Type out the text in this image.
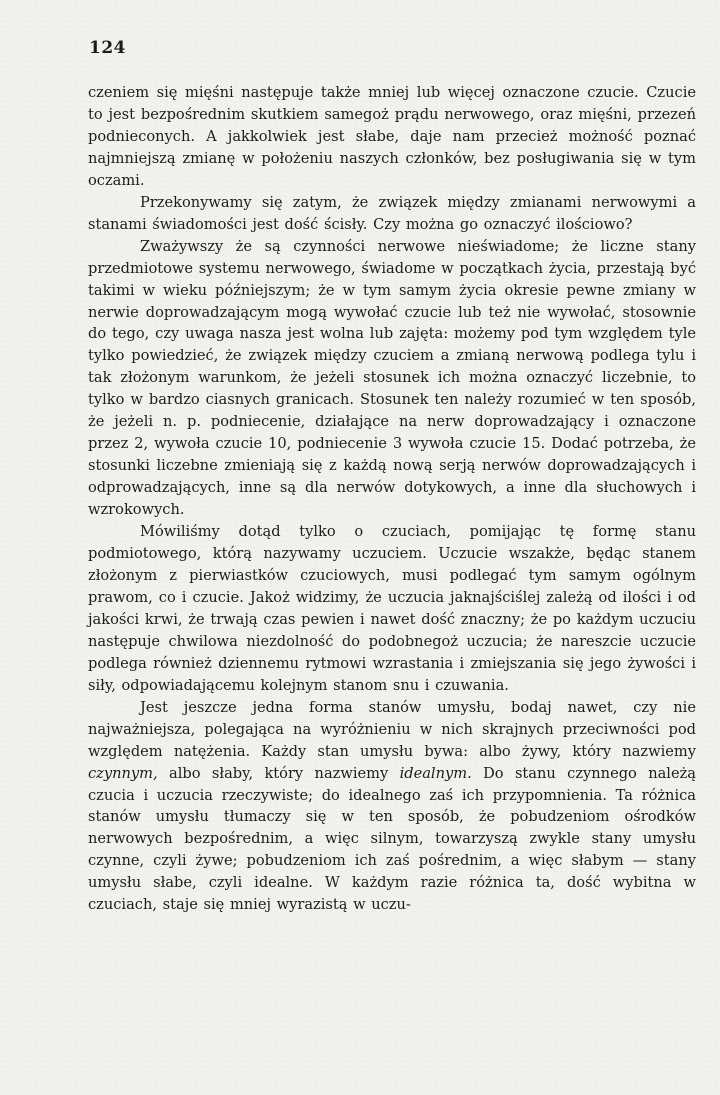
124

czeniem się mięśni następuje także mniej lub więcej oznaczone czucie. Czucie to jest bezpośrednim skutkiem samegoż prądu nerwowego, oraz mięśni, przezeń podnieconych. A jakkolwiek jest słabe, daje nam przecież możność poznać najmniejszą zmianę w położeniu naszych członków, bez posługiwania się w tym oczami.

Przekonywamy się zatym, że związek między zmianami nerwowymi a stanami świadomości jest dość ścisły. Czy można go oznaczyć ilościowo?

Zważywszy że są czynności nerwowe nieświadome; że liczne stany przedmiotowe systemu nerwowego, świadome w początkach życia, przestają być takimi w wieku późniejszym; że w tym samym życia okresie pewne zmiany w nerwie doprowadzającym mogą wywołać czucie lub też nie wywołać, stosownie do tego, czy uwaga nasza jest wolna lub zajęta: możemy pod tym względem tyle tylko powiedzieć, że związek między czuciem a zmianą nerwową podlega tylu i tak złożonym warunkom, że jeżeli stosunek ich można oznaczyć liczebnie, to tylko w bardzo ciasnych granicach. Stosunek ten należy rozumieć w ten sposób, że jeżeli n. p. podniecenie, działające na nerw doprowadzający i oznaczone przez 2, wywoła czucie 10, podniecenie 3 wywoła czucie 15. Dodać potrzeba, że stosunki liczebne zmieniają się z każdą nową serją nerwów doprowadzających i odprowadzających, inne są dla nerwów dotykowych, a inne dla słuchowych i wzrokowych.

Mówiliśmy dotąd tylko o czuciach, pomijając tę formę stanu podmiotowego, którą nazywamy uczuciem. Uczucie wszakże, będąc stanem złożonym z pierwiastków czuciowych, musi podlegać tym samym ogólnym prawom, co i czucie. Jakoż widzimy, że uczucia jaknajściślej zależą od ilości i od jakości krwi, że trwają czas pewien i nawet dość znaczny; że po każdym uczuciu następuje chwilowa niezdolność do podobnegoż uczucia; że nareszcie uczucie podlega również dziennemu rytmowi wzrastania i zmiejszania się jego żywości i siły, odpowiadającemu kolejnym stanom snu i czuwania.

Jest jeszcze jedna forma stanów umysłu, bodaj nawet, czy nie najważniejsza, polegająca na wyróżnieniu w nich skrajnych przeciwności pod względem natężenia. Każdy stan umysłu bywa: albo żywy, który nazwiemy czynnym, albo słaby, który nazwiemy idealnym. Do stanu czynnego należą czucia i uczucia rzeczywiste; do idealnego zaś ich przypomnienia. Ta różnica stanów umysłu tłumaczy się w ten sposób, że pobudzeniom ośrodków nerwowych bezpośrednim, a więc silnym, towarzyszą zwykle stany umysłu czynne, czyli żywe; pobudzeniom ich zaś pośrednim, a więc słabym — stany umysłu słabe, czyli idealne. W każdym razie różnica ta, dość wybitna w czuciach, staje się mniej wyrazistą w uczu-
